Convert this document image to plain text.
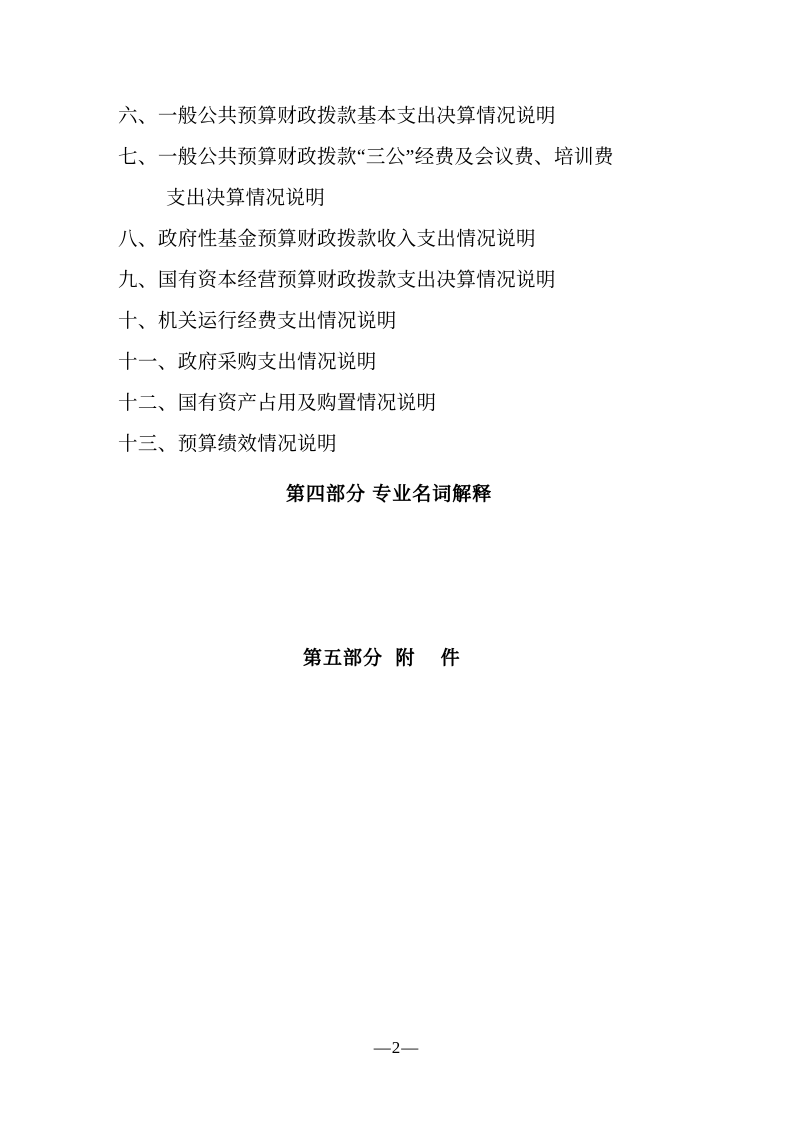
六、 一般公共预算财政拨款基本支出决算情况说明
七、一般公共预算财政拨款“三公”经费及会议费、培训费
支出决算情况说明
八、 政府性基金预算财政拨款收入支出情况说明
九、 国有资本经营预算财政拨款支出决算情况说明
十、 机关运行经费支出情况说明
十一、 政府采购支出情况说明
十二、 国有资产占用及购置情况说明
十三、 预算绩效情况说明
第四部分 专业名词解释
第五部分  附    件
—2—
